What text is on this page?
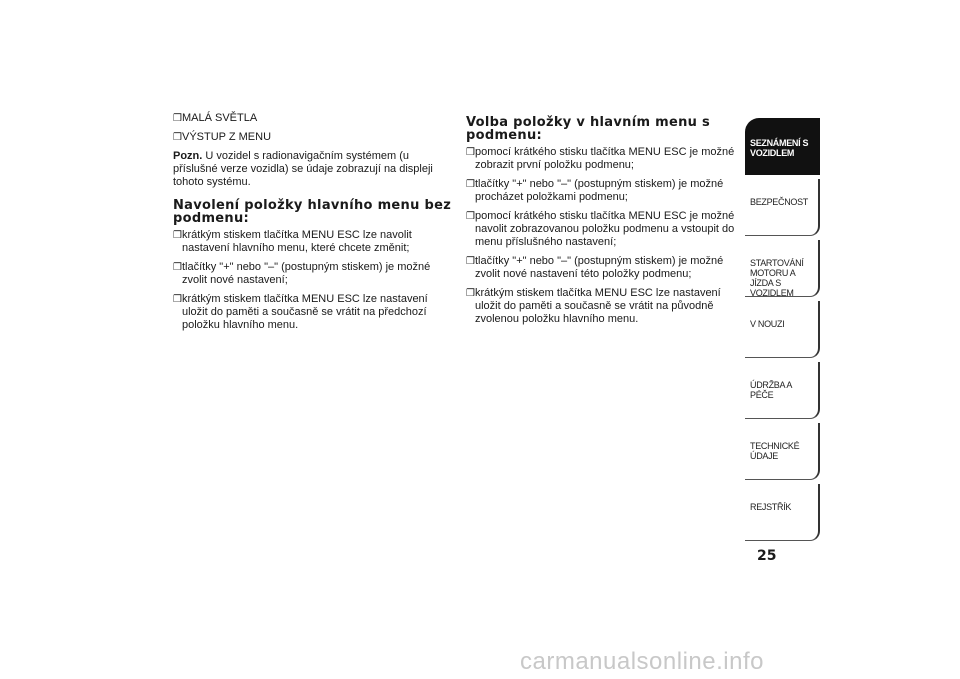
❒ MALÁ SVĚTLA
❒ VÝSTUP Z MENU
Pozn. U vozidel s radionavigačním systémem (u příslušné verze vozidla) se údaje zobrazují na displeji tohoto systému.
Navolení položky hlavního menu bez podmenu:
❒ krátkým stiskem tlačítka MENU ESC lze navolit nastavení hlavního menu, které chcete změnit;
❒ tlačítky "+" nebo "–" (postupným stiskem) je možné zvolit nové nastavení;
❒ krátkým stiskem tlačítka MENU ESC lze nastavení uložit do paměti a současně se vrátit na předchozí položku hlavního menu.
Volba položky v hlavním menu s podmenu:
❒ pomocí krátkého stisku tlačítka MENU ESC je možné zobrazit první položku podmenu;
❒ tlačítky "+" nebo "–" (postupným stiskem) je možné procházet položkami podmenu;
❒ pomocí krátkého stisku tlačítka MENU ESC je možné navolit zobrazovanou položku podmenu a vstoupit do menu příslušného nastavení;
❒ tlačítky "+" nebo "–" (postupným stiskem) je možné zvolit nové nastavení této položky podmenu;
❒ krátkým stiskem tlačítka MENU ESC lze nastavení uložit do paměti a současně se vrátit na původně zvolenou položku hlavního menu.
SEZNÁMENÍ S VOZIDLEM
BEZPEČNOST
STARTOVÁNÍ MOTORU A JÍZDA S VOZIDLEM
V NOUZI
ÚDRŽBA A PÉČE
TECHNICKÉ ÚDAJE
REJSTŘÍK
25
carmanualsonline.info
